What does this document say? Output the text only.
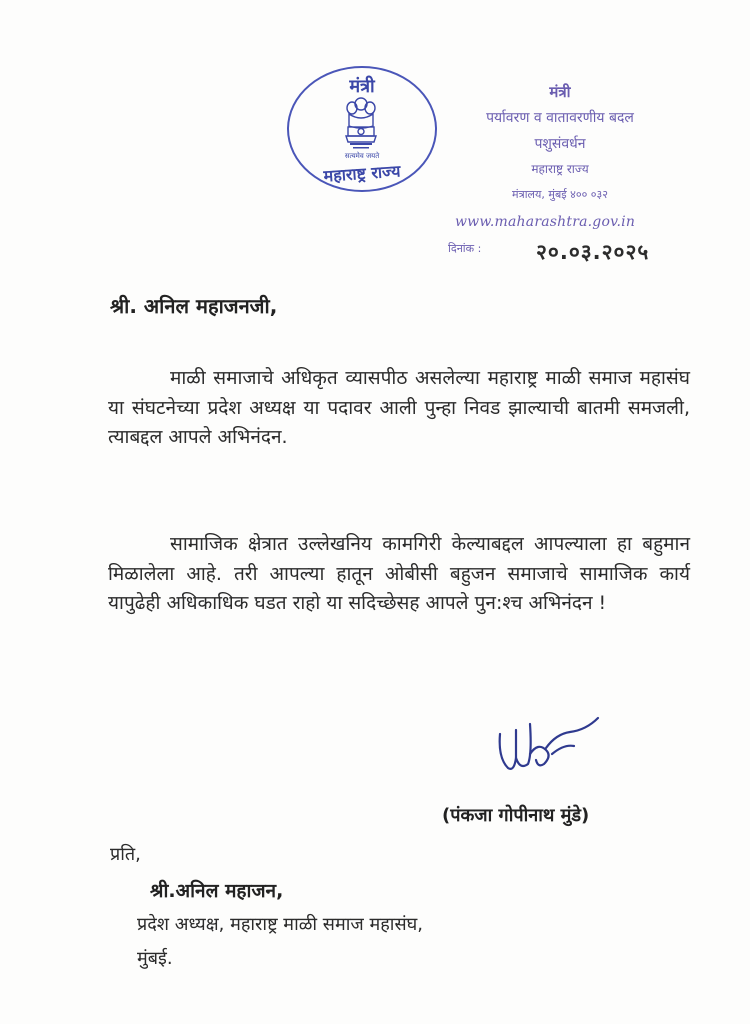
मंत्री
सत्यमेव जयते
महाराष्ट्र राज्य
मंत्री
पर्यावरण व वातावरणीय बदल
पशुसंवर्धन
महाराष्ट्र राज्य
मंत्रालय, मुंबई ४०० ०३२
www.maharashtra.gov.in
दिनांक :	२०.०३.२०२५
श्री. अनिल महाजनजी,

माळी समाजाचे अधिकृत व्यासपीठ असलेल्या महाराष्ट्र माळी समाज महासंघ या संघटनेच्या प्रदेश अध्यक्ष या पदावर आली पुन्हा निवड झाल्याची बातमी समजली, त्याबद्दल आपले अभिनंदन.

सामाजिक क्षेत्रात उल्लेखनिय कामगिरी केल्याबद्दल आपल्याला हा बहुमान मिळालेला आहे. तरी आपल्या हातून ओबीसी बहुजन समाजाचे सामाजिक कार्य यापुढेही अधिकाधिक घडत राहो या सदिच्छेसह आपले पुन:श्च अभिनंदन !

(पंकजा गोपीनाथ मुंडे)
प्रति,
श्री.अनिल महाजन,
प्रदेश अध्यक्ष, महाराष्ट्र माळी समाज महासंघ,
मुंबई.
